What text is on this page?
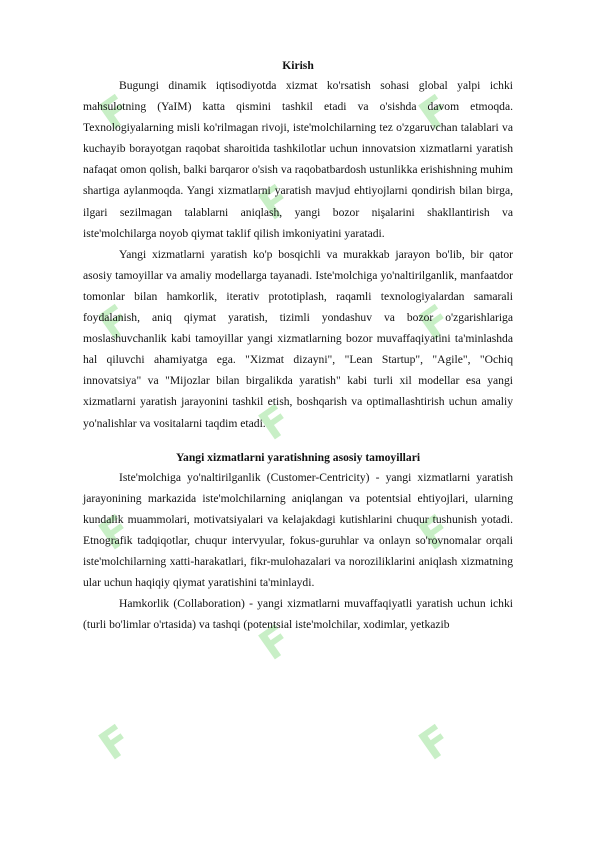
F
F
F
F
F
F
F
F
F
F
F
Kirish

Bugungi dinamik iqtisodiyotda xizmat ko'rsatish sohasi global yalpi ichki mahsulotning (YaIM) katta qismini tashkil etadi va o'sishda davom etmoqda. Texnologiyalarning misli ko'rilmagan rivoji, iste'molchilarning tez o'zgaruvchan talablari va kuchayib borayotgan raqobat sharoitida tashkilotlar uchun innovatsion xizmatlarni yaratish nafaqat omon qolish, balki barqaror o'sish va raqobatbardosh ustunlikka erishishning muhim shartiga aylanmoqda. Yangi xizmatlarni yaratish mavjud ehtiyojlarni qondirish bilan birga, ilgari sezilmagan talablarni aniqlash, yangi bozor nişalarini shakllantirish va iste'molchilarga noyob qiymat taklif qilish imkoniyatini yaratadi.

Yangi xizmatlarni yaratish ko'p bosqichli va murakkab jarayon bo'lib, bir qator asosiy tamoyillar va amaliy modellarga tayanadi. Iste'molchiga yo'naltirilganlik, manfaatdor tomonlar bilan hamkorlik, iterativ prototiplash, raqamli texnologiyalardan samarali foydalanish, aniq qiymat yaratish, tizimli yondashuv va bozor o'zgarishlariga moslashuvchanlik kabi tamoyillar yangi xizmatlarning bozor muvaffaqiyatini ta'minlashda hal qiluvchi ahamiyatga ega. "Xizmat dizayni", "Lean Startup", "Agile", "Ochiq innovatsiya" va "Mijozlar bilan birgalikda yaratish" kabi turli xil modellar esa yangi xizmatlarni yaratish jarayonini tashkil etish, boshqarish va optimallashtirish uchun amaliy yo'nalishlar va vositalarni taqdim etadi.

Yangi xizmatlarni yaratishning asosiy tamoyillari

Iste'molchiga yo'naltirilganlik (Customer-Centricity) - yangi xizmatlarni yaratish jarayonining markazida iste'molchilarning aniqlangan va potentsial ehtiyojlari, ularning kundalik muammolari, motivatsiyalari va kelajakdagi kutishlarini chuqur tushunish yotadi. Etnografik tadqiqotlar, chuqur intervyular, fokus-guruhlar va onlayn so'rovnomalar orqali iste'molchilarning xatti-harakatlari, fikr-mulohazalari va noroziliklarini aniqlash xizmatning ular uchun haqiqiy qiymat yaratishini ta'minlaydi.

Hamkorlik (Collaboration) - yangi xizmatlarni muvaffaqiyatli yaratish uchun ichki (turli bo'limlar o'rtasida) va tashqi (potentsial iste'molchilar, xodimlar, yetkazib
